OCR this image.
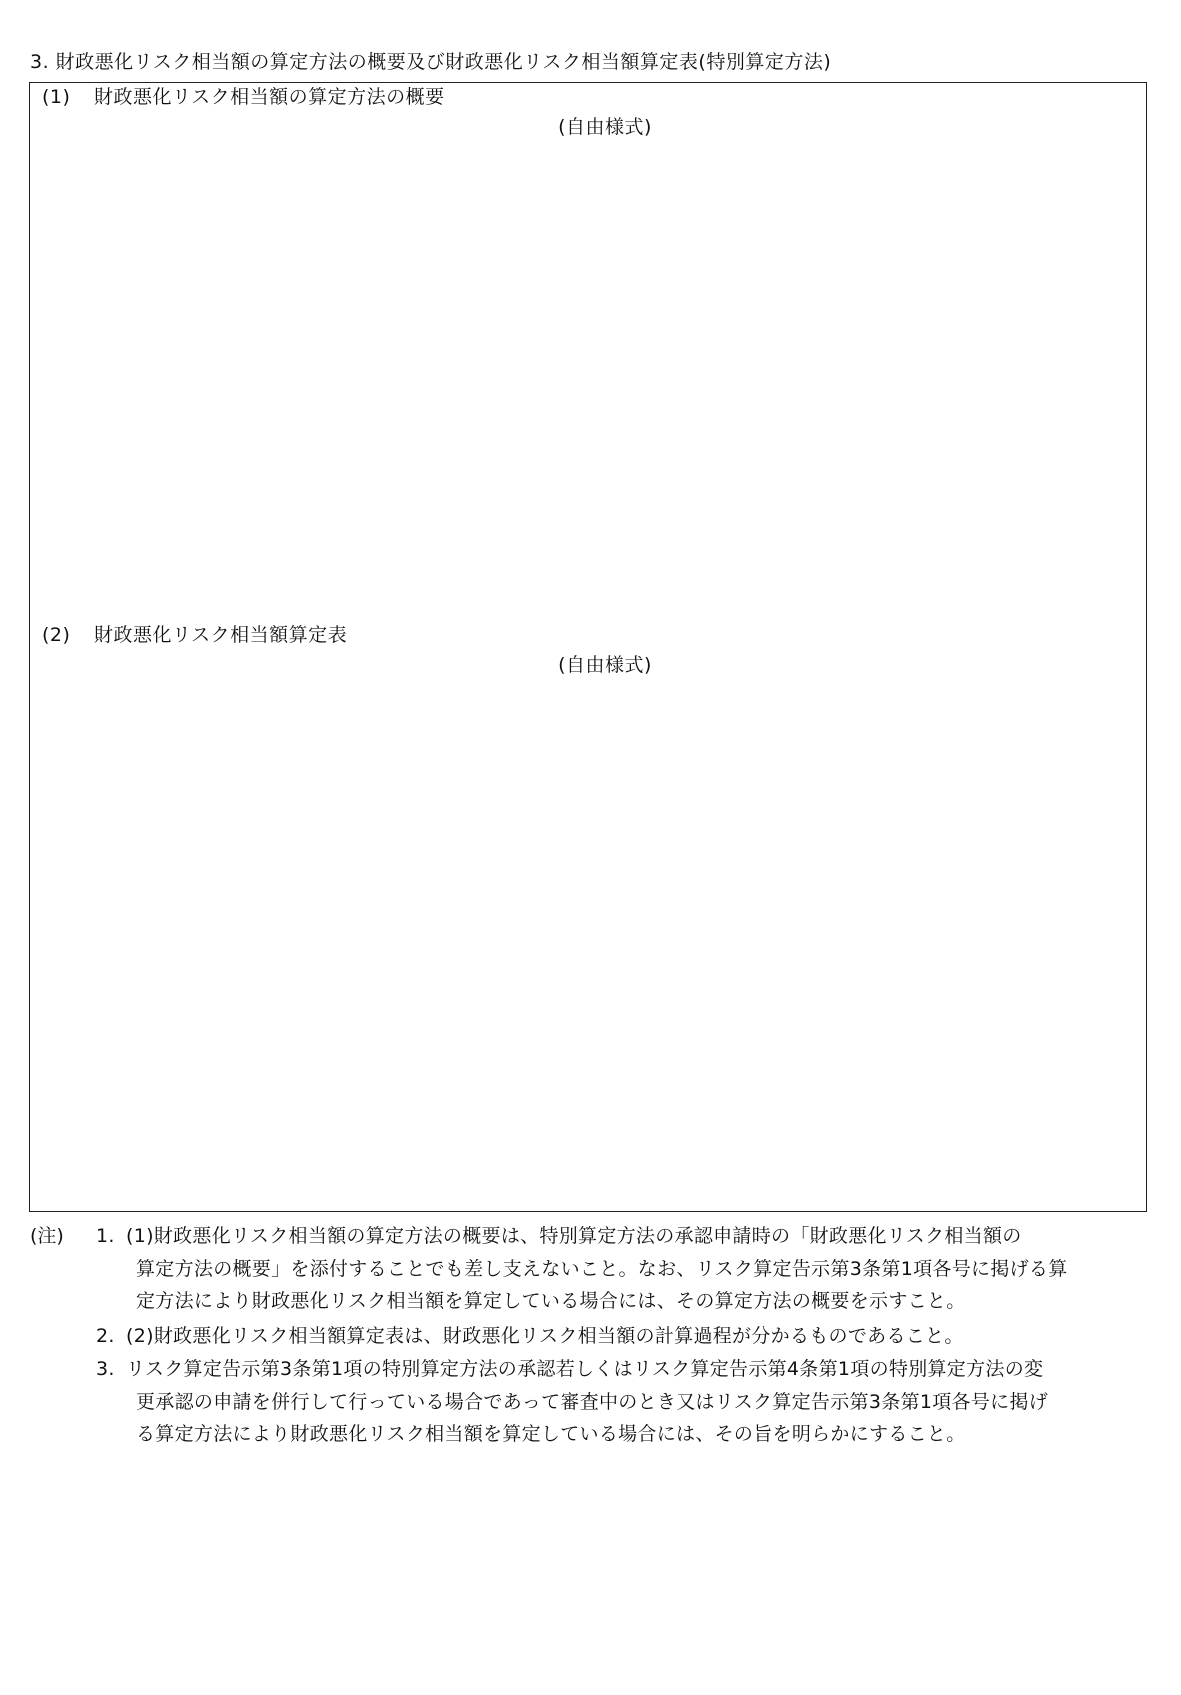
3. 財政悪化リスク相当額の算定方法の概要及び財政悪化リスク相当額算定表(特別算定方法)
(1) 財政悪化リスク相当額の算定方法の概要
(自由様式)
(2) 財政悪化リスク相当額算定表
(自由様式)
(注) 1. (1)財政悪化リスク相当額の算定方法の概要は、特別算定方法の承認申請時の「財政悪化リスク相当額の
算定方法の概要」を添付することでも差し支えないこと。なお、リスク算定告示第3条第1項各号に掲げる算
定方法により財政悪化リスク相当額を算定している場合には、その算定方法の概要を示すこと。
2. (2)財政悪化リスク相当額算定表は、財政悪化リスク相当額の計算過程が分かるものであること。
3. リスク算定告示第3条第1項の特別算定方法の承認若しくはリスク算定告示第4条第1項の特別算定方法の変
更承認の申請を併行して行っている場合であって審査中のとき又はリスク算定告示第3条第1項各号に掲げ
る算定方法により財政悪化リスク相当額を算定している場合には、その旨を明らかにすること。
